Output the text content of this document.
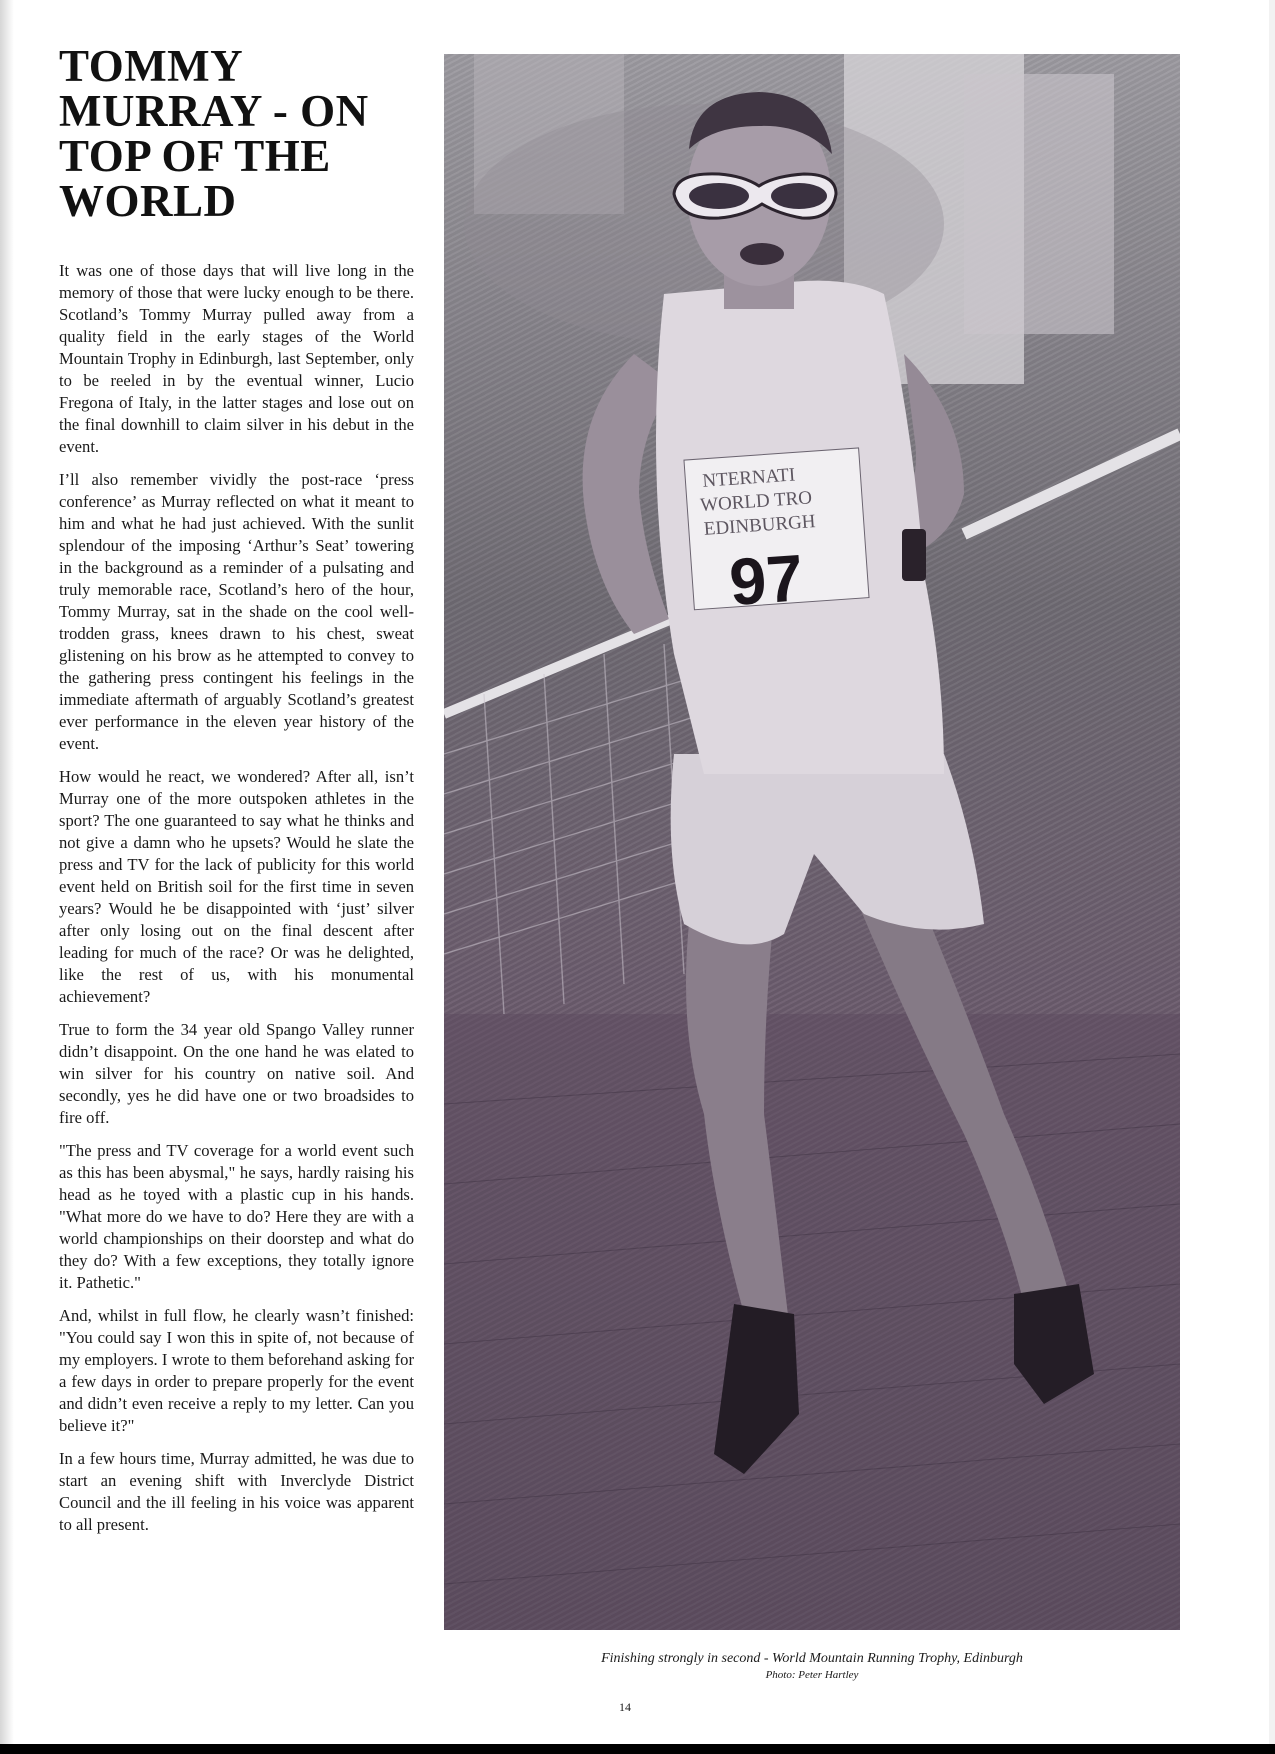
TOMMY MURRAY - ON TOP OF THE WORLD

It was one of those days that will live long in the memory of those that were lucky enough to be there. Scotland’s Tommy Murray pulled away from a quality field in the early stages of the World Mountain Trophy in Edinburgh, last September, only to be reeled in by the eventual winner, Lucio Fregona of Italy, in the latter stages and lose out on the final downhill to claim silver in his debut in the event.

I’ll also remember vividly the post-race ‘press conference’ as Murray reflected on what it meant to him and what he had just achieved. With the sunlit splendour of the imposing ‘Arthur’s Seat’ towering in the background as a reminder of a pulsating and truly memorable race, Scotland’s hero of the hour, Tommy Murray, sat in the shade on the cool well-trodden grass, knees drawn to his chest, sweat glistening on his brow as he attempted to convey to the gathering press contingent his feelings in the immediate aftermath of arguably Scotland’s greatest ever performance in the eleven year history of the event.

How would he react, we wondered? After all, isn’t Murray one of the more outspoken athletes in the sport? The one guaranteed to say what he thinks and not give a damn who he upsets? Would he slate the press and TV for the lack of publicity for this world event held on British soil for the first time in seven years? Would he be disappointed with ‘just’ silver after only losing out on the final descent after leading for much of the race? Or was he delighted, like the rest of us, with his monumental achievement?

True to form the 34 year old Spango Valley runner didn’t disappoint. On the one hand he was elated to win silver for his country on native soil. And secondly, yes he did have one or two broadsides to fire off.

"The press and TV coverage for a world event such as this has been abysmal," he says, hardly raising his head as he toyed with a plastic cup in his hands. "What more do we have to do? Here they are with a world championships on their doorstep and what do they do? With a few exceptions, they totally ignore it. Pathetic."

And, whilst in full flow, he clearly wasn’t finished: "You could say I won this in spite of, not because of my employers. I wrote to them beforehand asking for a few days in order to prepare properly for the event and didn’t even receive a reply to my letter. Can you believe it?"

In a few hours time, Murray admitted, he was due to start an evening shift with Inverclyde District Council and the ill feeling in his voice was apparent to all present.

NTERNATI
WORLD TRO
EDINBURGH
97
Finishing strongly in second - World Mountain Running Trophy, Edinburgh
Photo: Peter Hartley
14
